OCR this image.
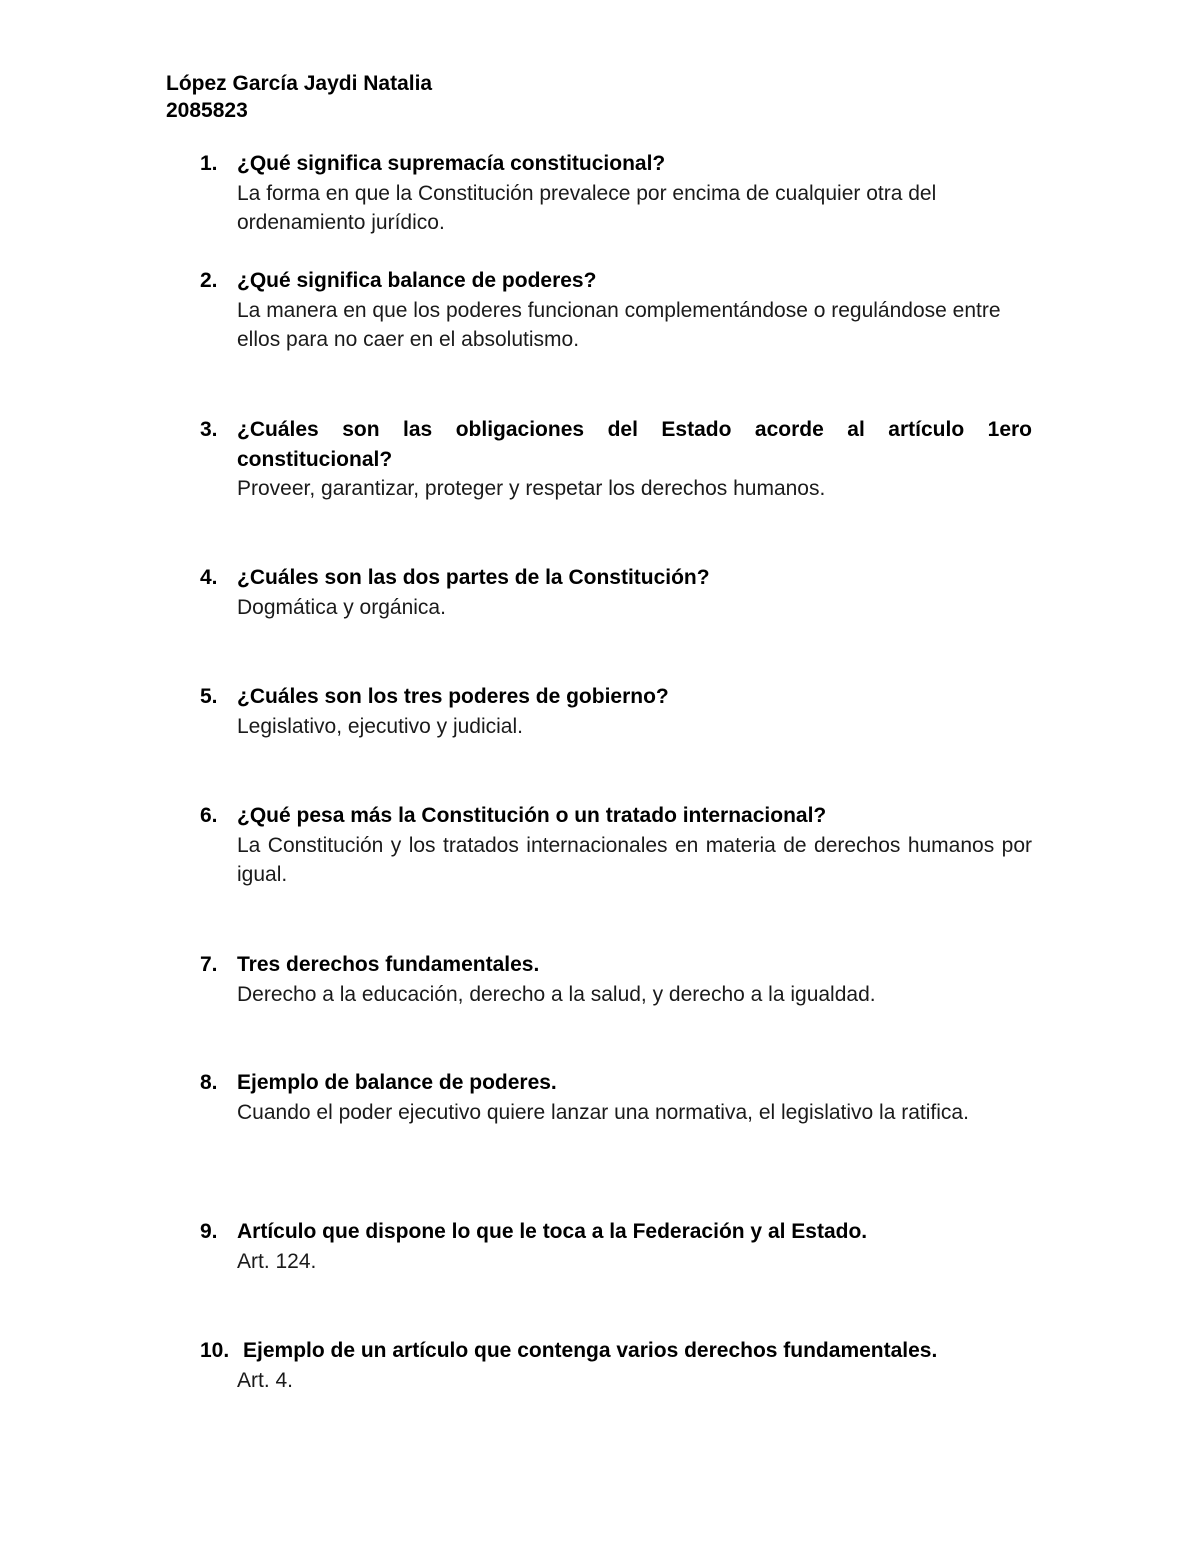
López García Jaydi Natalia
2085823
1. ¿Qué significa supremacía constitucional?
La forma en que la Constitución prevalece por encima de cualquier otra del ordenamiento jurídico.
2. ¿Qué significa balance de poderes?
La manera en que los poderes funcionan complementándose o regulándose entre ellos para no caer en el absolutismo.
3. ¿Cuáles son las obligaciones del Estado acorde al artículo 1ero constitucional?
Proveer, garantizar, proteger y respetar los derechos humanos.
4. ¿Cuáles son las dos partes de la Constitución?
Dogmática y orgánica.
5. ¿Cuáles son los tres poderes de gobierno?
Legislativo, ejecutivo y judicial.
6. ¿Qué pesa más la Constitución o un tratado internacional?
La Constitución y los tratados internacionales en materia de derechos humanos por igual.
7. Tres derechos fundamentales.
Derecho a la educación, derecho a la salud, y derecho a la igualdad.
8. Ejemplo de balance de poderes.
Cuando el poder ejecutivo quiere lanzar una normativa, el legislativo la ratifica.
9. Artículo que dispone lo que le toca a la Federación y al Estado.
Art. 124.
10. Ejemplo de un artículo que contenga varios derechos fundamentales.
Art. 4.
